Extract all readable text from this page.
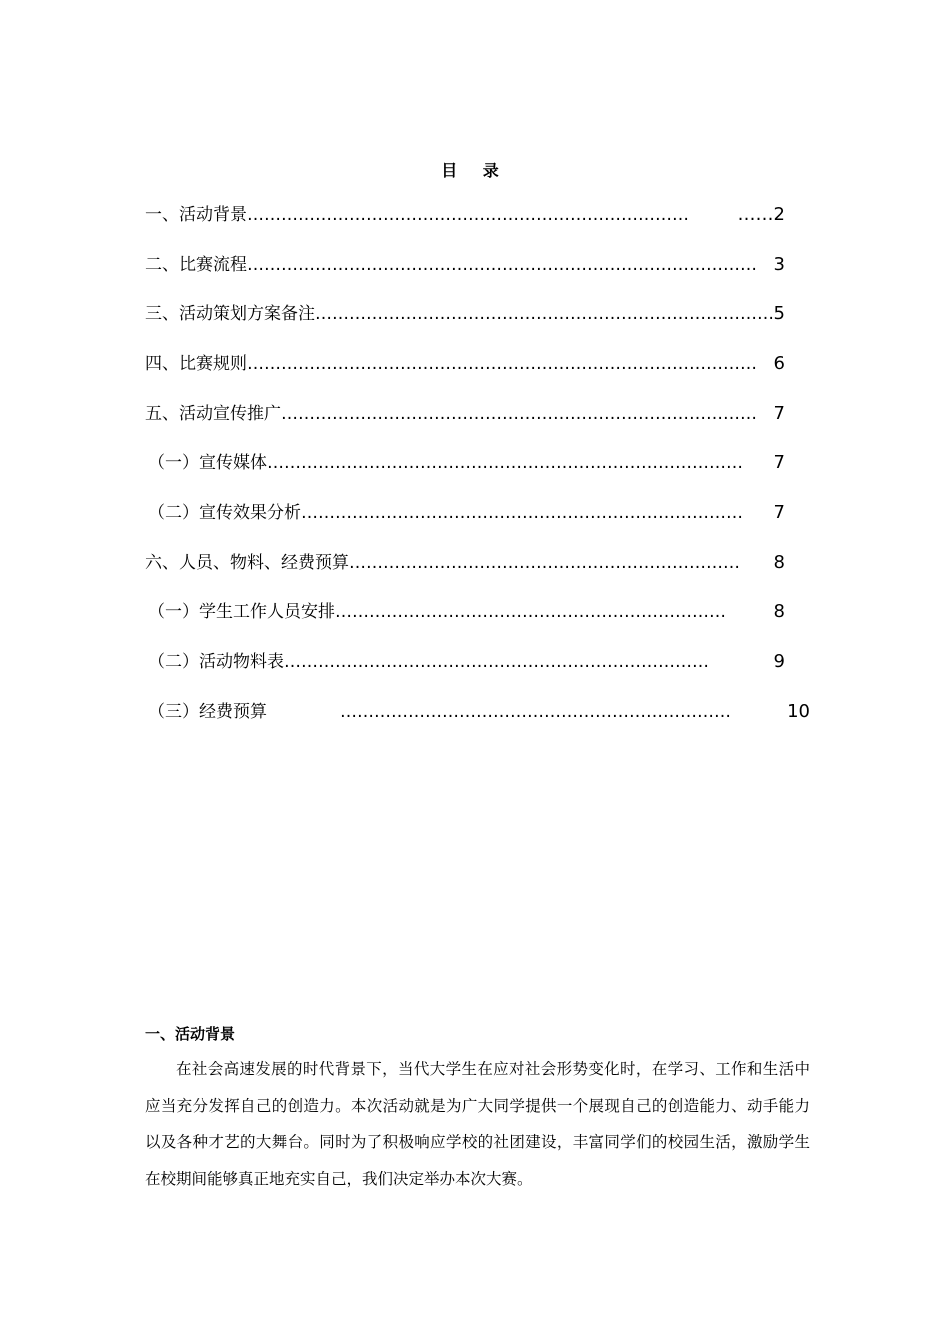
目 录
一、活动背景 ……………………………………………………………………	……2
二、比赛流程 ……………………………………………………………………………… 3
三、活动策划方案备注 ……………………………………………………………………… 5
四、比赛规则 ……………………………………………………………………………… 6
五、活动宣传推广 ………………………………………………………………………… 7
（一）宣传媒体 …………………………………………………………………………	7
（二）宣传效果分析 ……………………………………………………………………	7
六、人员、物料、经费预算 ……………………………………………………………	8
（一）学生工作人员安排 ……………………………………………………………	8
（二）活动物料表 …………………………………………………………………	9
（三）经费预算	……………………………………………………………	10
一、活动背景

在社会高速发展的时代背景下，当代大学生在应对社会形势变化时，在学习、工作和生活中应当充分发挥自己的创造力。本次活动就是为广大同学提供一个展现自己的创造能力、动手能力以及各种才艺的大舞台。同时为了积极响应学校的社团建设，丰富同学们的校园生活，激励学生在校期间能够真正地充实自己，我们决定举办本次大赛。
